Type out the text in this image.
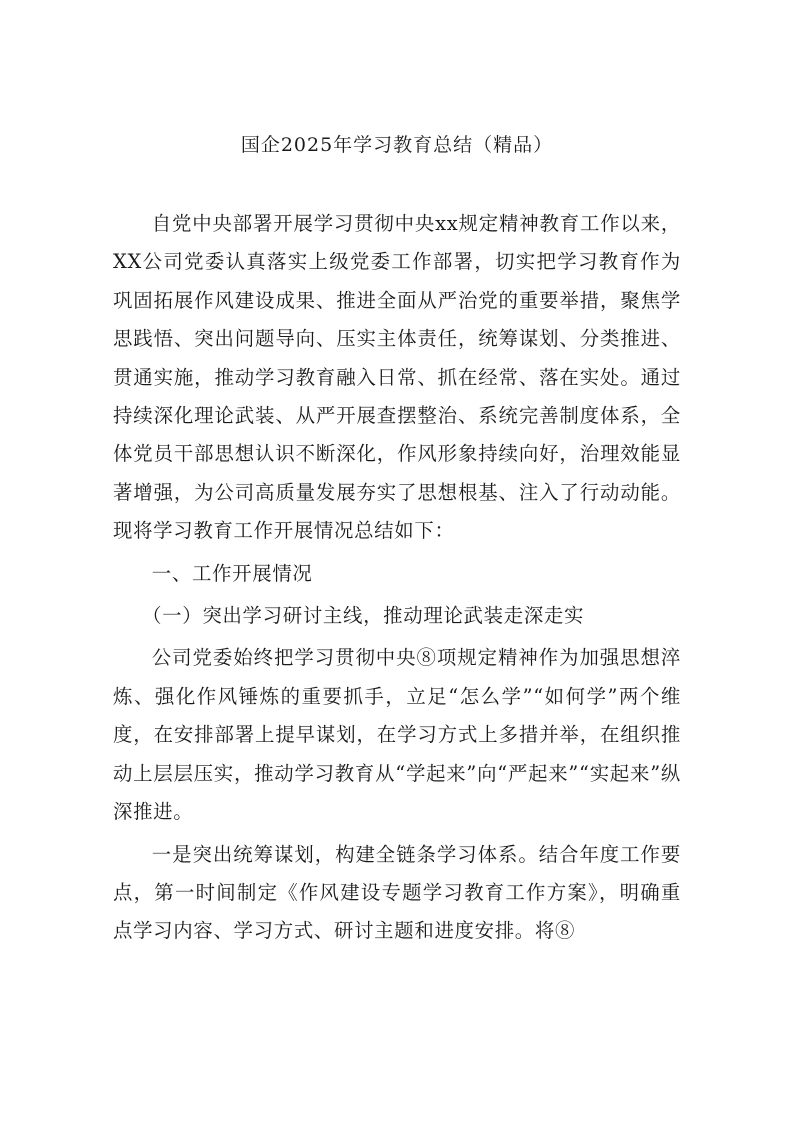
国企2025年学习教育总结（精品）

自党中央部署开展学习贯彻中央xx规定精神教育工作以来，XX公司党委认真落实上级党委工作部署，切实把学习教育作为巩固拓展作风建设成果、推进全面从严治党的重要举措，聚焦学思践悟、突出问题导向、压实主体责任，统筹谋划、分类推进、贯通实施，推动学习教育融入日常、抓在经常、落在实处。通过持续深化理论武装、从严开展查摆整治、系统完善制度体系，全体党员干部思想认识不断深化，作风形象持续向好，治理效能显著增强，为公司高质量发展夯实了思想根基、注入了行动动能。现将学习教育工作开展情况总结如下：

一、工作开展情况

（一）突出学习研讨主线，推动理论武装走深走实

公司党委始终把学习贯彻中央⑧项规定精神作为加强思想淬炼、强化作风锤炼的重要抓手，立足“怎么学”“如何学”两个维度，在安排部署上提早谋划，在学习方式上多措并举，在组织推动上层层压实，推动学习教育从“学起来”向“严起来”“实起来”纵深推进。

一是突出统筹谋划，构建全链条学习体系。结合年度工作要点，第一时间制定《作风建设专题学习教育工作方案》，明确重点学习内容、学习方式、研讨主题和进度安排。将⑧
